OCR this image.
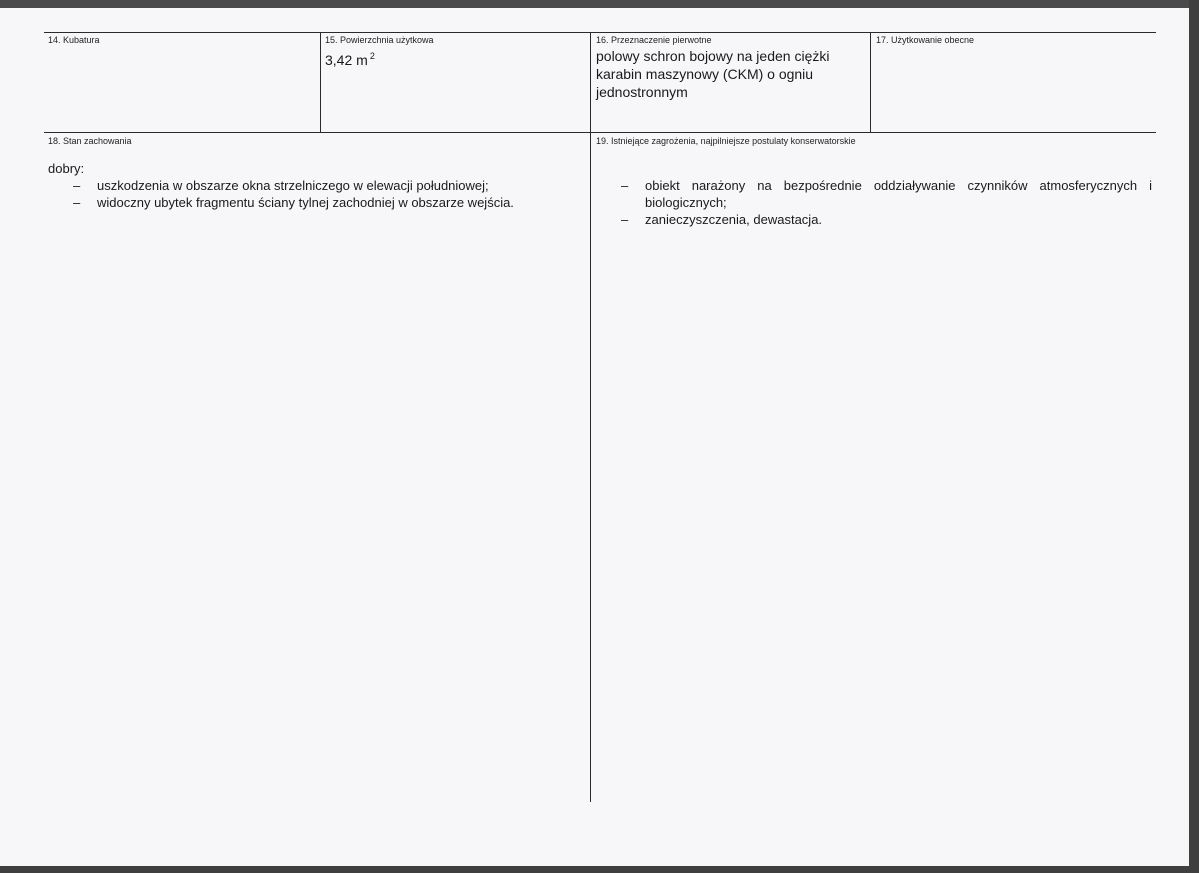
14. Kubatura	15. Powierzchnia użytkowa
3,42 m $^2$
16. Przeznaczenie pierwotne
polowy schron bojowy na jeden ciężki karabin maszynowy (CKM) o ogniu jednostronnym
17. Użytkowanie obecne
18. Stan zachowania
dobry:
– uszkodzenia w obszarze okna strzelniczego w elewacji południowej;
– widoczny ubytek fragmentu ściany tylnej zachodniej w obszarze wejścia.
19. Istniejące zagrożenia, najpilniejsze postulaty konserwatorskie
– obiekt narażony na bezpośrednie oddziaływanie czynników atmosferycznych i biologicznych;
– zanieczyszczenia, dewastacja.
